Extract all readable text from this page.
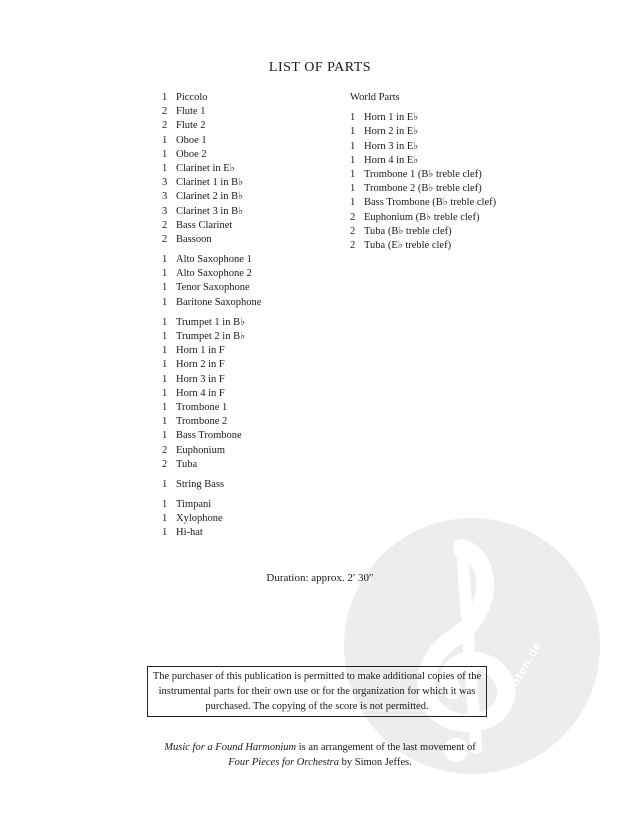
alle-noten.de
LIST OF PARTS
1 Piccolo
2 Flute 1
2 Flute 2
1 Oboe 1
1 Oboe 2
1 Clarinet in E♭
3 Clarinet 1 in B♭
3 Clarinet 2 in B♭
3 Clarinet 3 in B♭
2 Bass Clarinet
2 Bassoon
1 Alto Saxophone 1
1 Alto Saxophone 2
1 Tenor Saxophone
1 Baritone Saxophone
1 Trumpet 1 in B♭
1 Trumpet 2 in B♭
1 Horn 1 in F
1 Horn 2 in F
1 Horn 3 in F
1 Horn 4 in F
1 Trombone 1
1 Trombone 2
1 Bass Trombone
2 Euphonium
2 Tuba
1 String Bass
1 Timpani
1 Xylophone
1 Hi-hat
World Parts
1 Horn 1 in E♭
1 Horn 2 in E♭
1 Horn 3 in E♭
1 Horn 4 in E♭
1 Trombone 1 (B♭ treble clef)
1 Trombone 2 (B♭ treble clef)
1 Bass Trombone (B♭ treble clef)
2 Euphonium (B♭ treble clef)
2 Tuba (B♭ treble clef)
2 Tuba (E♭ treble clef)
Duration: approx. 2′ 30″
The purchaser of this publication is permitted to make additional copies of the instrumental parts for their own use or for the organization for which it was purchased. The copying of the score is not permitted.
Music for a Found Harmonium is an arrangement of the last movement of
Four Pieces for Orchestra by Simon Jeffes.
